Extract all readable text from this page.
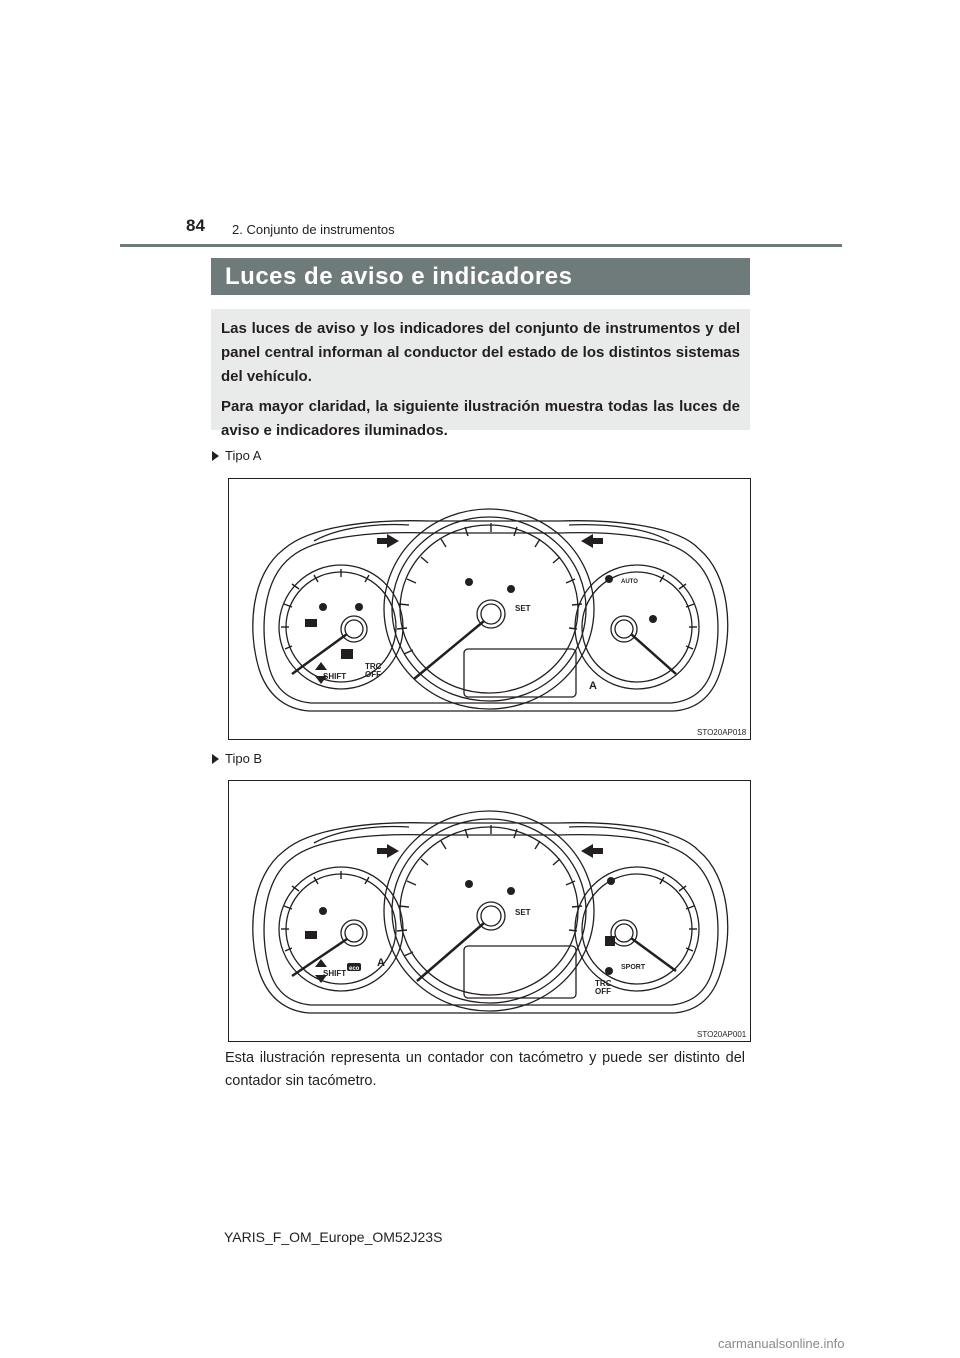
84 2. Conjunto de instrumentos
Luces de aviso e indicadores

Las luces de aviso y los indicadores del conjunto de instrumentos y del panel central informan al conductor del estado de los distintos sistemas del vehículo.

Para mayor claridad, la siguiente ilustración muestra todas las luces de aviso e indicadores iluminados.

Tipo A
SET
SHIFT
TRC
OFF
AUTO
A
STO20AP018
Tipo B
SET
SHIFT
TRC
OFF
SPORT
A
eco
STO20AP001
Esta ilustración representa un contador con tacómetro y puede ser distinto del contador sin tacómetro.
YARIS_F_OM_Europe_OM52J23S
carmanualsonline.info
